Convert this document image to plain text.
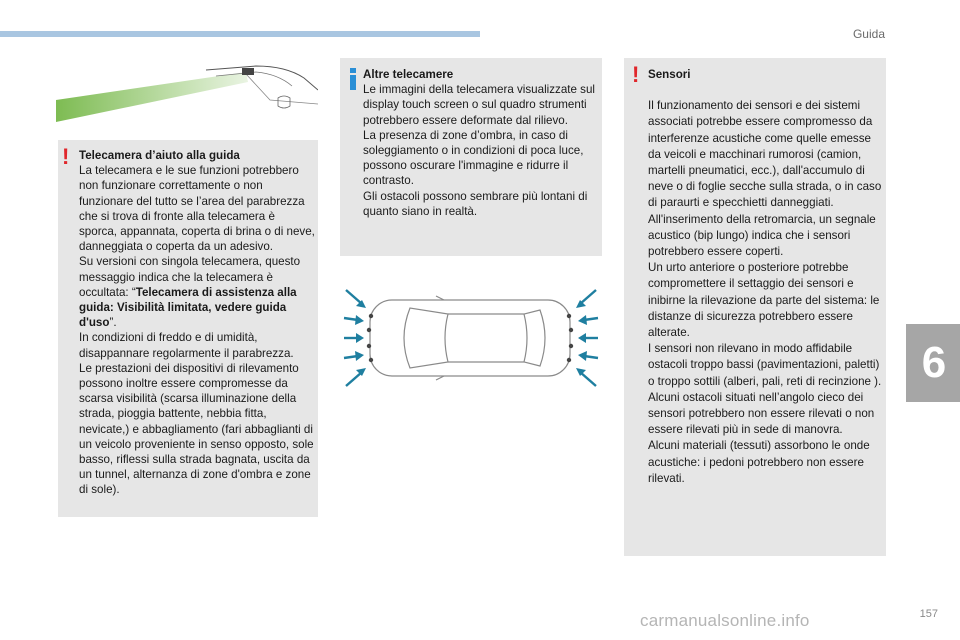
Guida
6
! Telecamera d’aiuto alla guida

La telecamera e le sue funzioni potrebbero non funzionare correttamente o non funzionare del tutto se l’area del parabrezza che si trova di fronte alla telecamera è sporca, appannata, coperta di brina o di neve, danneggiata o coperta da un adesivo.

Su versioni con singola telecamera, questo messaggio indica che la telecamera è occultata: “Telecamera di assistenza alla guida: Visibilità limitata, vedere guida d'uso”.

In condizioni di freddo e di umidità, disappannare regolarmente il parabrezza.

Le prestazioni dei dispositivi di rilevamento possono inoltre essere compromesse da scarsa visibilità (scarsa illuminazione della strada, pioggia battente, nebbia fitta, nevicate,) e abbagliamento (fari abbaglianti di un veicolo proveniente in senso opposto, sole basso, riflessi sulla strada bagnata, uscita da un tunnel, alternanza di zone d'ombra e zone di sole).

Altre telecamere

Le immagini della telecamera visualizzate sul display touch screen o sul quadro strumenti potrebbero essere deformate dal rilievo.

La presenza di zone d’ombra, in caso di soleggiamento o in condizioni di poca luce, possono oscurare l'immagine e ridurre il contrasto.

Gli ostacoli possono sembrare più lontani di quanto siano in realtà.

! Sensori

Il funzionamento dei sensori e dei sistemi associati potrebbe essere compromesso da interferenze acustiche come quelle emesse da veicoli e macchinari rumorosi (camion, martelli pneumatici, ecc.), dall'accumulo di neve o di foglie secche sulla strada, o in caso di paraurti e specchietti danneggiati.

All'inserimento della retromarcia, un segnale acustico (bip lungo) indica che i sensori potrebbero essere coperti.

Un urto anteriore o posteriore potrebbe compromettere il settaggio dei sensori e inibirne la rilevazione da parte del sistema: le distanze di sicurezza potrebbero essere alterate.

I sensori non rilevano in modo affidabile ostacoli troppo bassi (pavimentazioni, paletti) o troppo sottili (alberi, pali, reti di recinzione ).

Alcuni ostacoli situati nell’angolo cieco dei sensori potrebbero non essere rilevati o non essere rilevati più in sede di manovra.

Alcuni materiali (tessuti) assorbono le onde acustiche: i pedoni potrebbero non essere rilevati.

carmanualsonline.info	157
